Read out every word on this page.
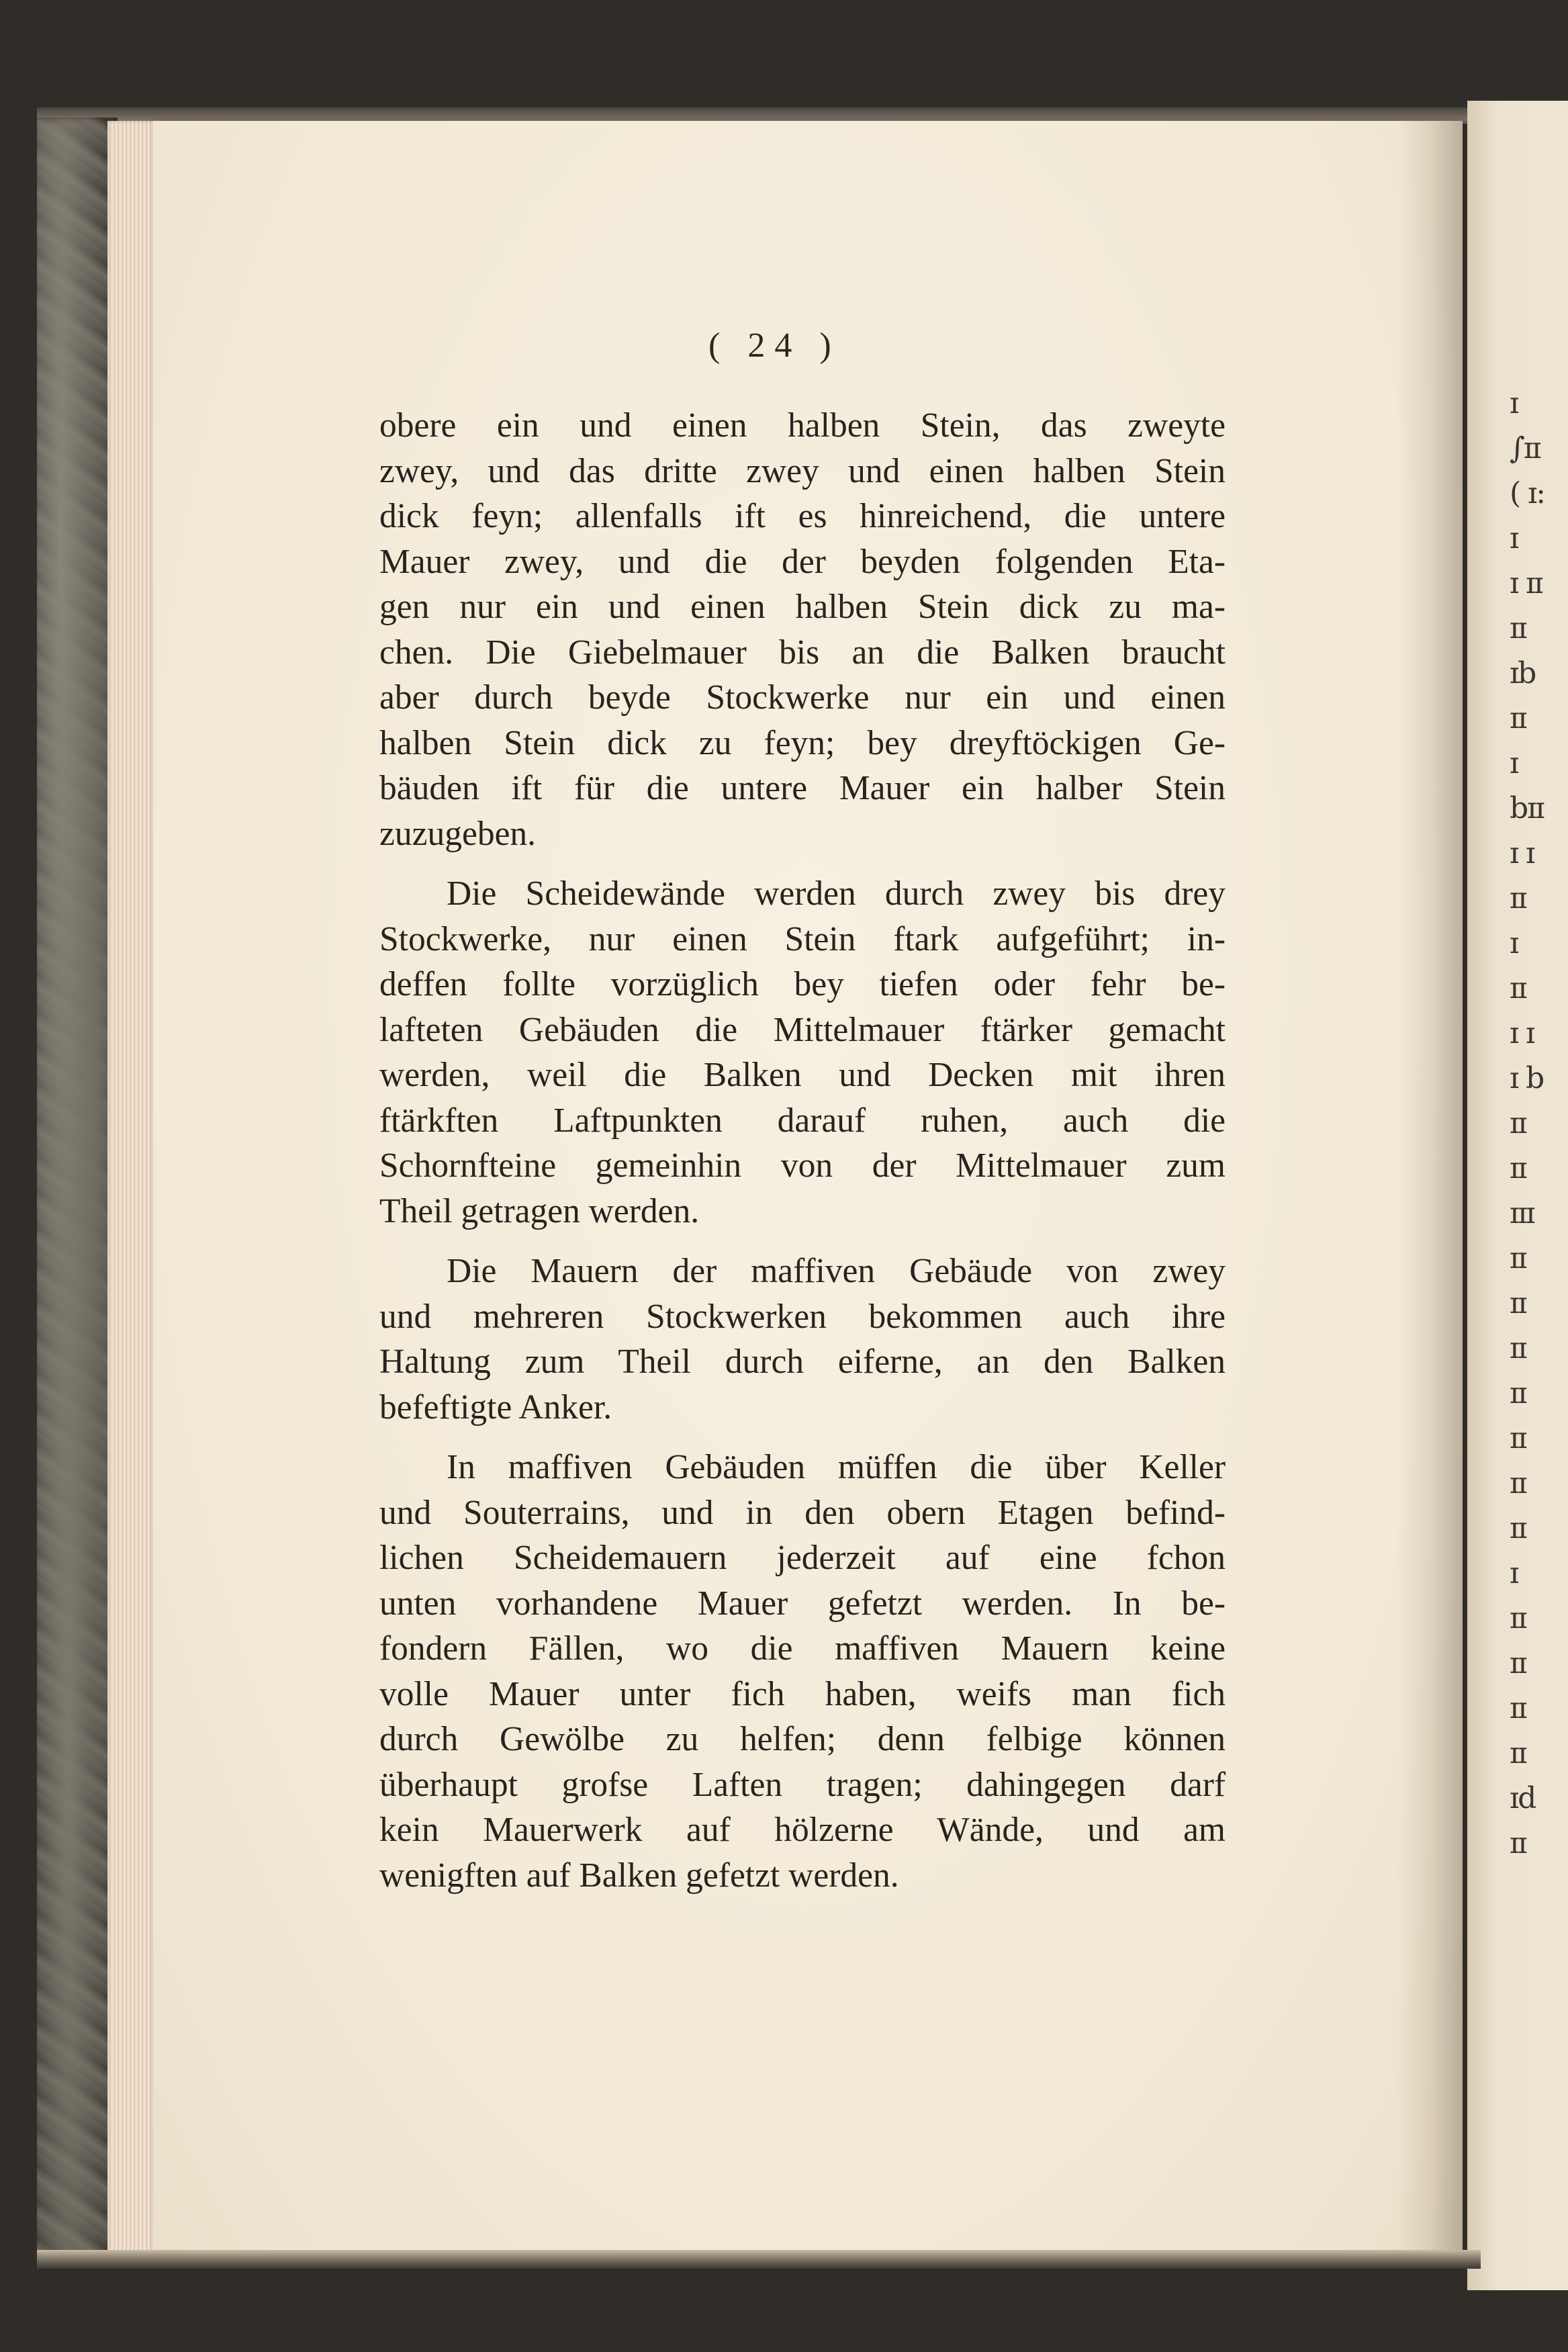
ɪ
∫ɪɪ
( ɪ:
ɪ
ɪ ɪɪ
ɪɪ
ɪb
ɪɪ
ɪ
bɪɪ
ɪ ɪ
ɪɪ
ɪ
ɪɪ
ɪ ɪ
ɪ b
ɪɪ
ɪɪ
ɪɪɪ
ɪɪ
ɪɪ
ɪɪ
ɪɪ
ɪɪ
ɪɪ
ɪɪ
ɪ
ɪɪ
ɪɪ
ɪɪ
ɪɪ
ɪd
ɪɪ
( 24 )
obere ein und einen halben Stein, das zweyte
zwey, und das dritte zwey und einen halben Stein
dick feyn; allenfalls ift es hinreichend, die untere
Mauer zwey, und die der beyden folgenden Eta-
gen nur ein und einen halben Stein dick zu ma-
chen. Die Giebelmauer bis an die Balken braucht
aber durch beyde Stockwerke nur ein und einen
halben Stein dick zu feyn; bey dreyftöckigen Ge-
bäuden ift für die untere Mauer ein halber Stein
zuzugeben.
Die Scheidewände werden durch zwey bis drey
Stockwerke, nur einen Stein ftark aufgeführt; in-
deffen follte vorzüglich bey tiefen oder fehr be-
lafteten Gebäuden die Mittelmauer ftärker gemacht
werden, weil die Balken und Decken mit ihren
ftärkften Laftpunkten darauf ruhen, auch die
Schornfteine gemeinhin von der Mittelmauer zum
Theil getragen werden.
Die Mauern der maffiven Gebäude von zwey
und mehreren Stockwerken bekommen auch ihre
Haltung zum Theil durch eiferne, an den Balken
befeftigte Anker.
In maffiven Gebäuden müffen die über Keller
und Souterrains, und in den obern Etagen befind-
lichen Scheidemauern jederzeit auf eine fchon
unten vorhandene Mauer gefetzt werden. In be-
fondern Fällen, wo die maffiven Mauern keine
volle Mauer unter fich haben, weifs man fich
durch Gewölbe zu helfen; denn felbige können
überhaupt grofse Laften tragen; dahingegen darf
kein Mauerwerk auf hölzerne Wände, und am
wenigften auf Balken gefetzt werden.
